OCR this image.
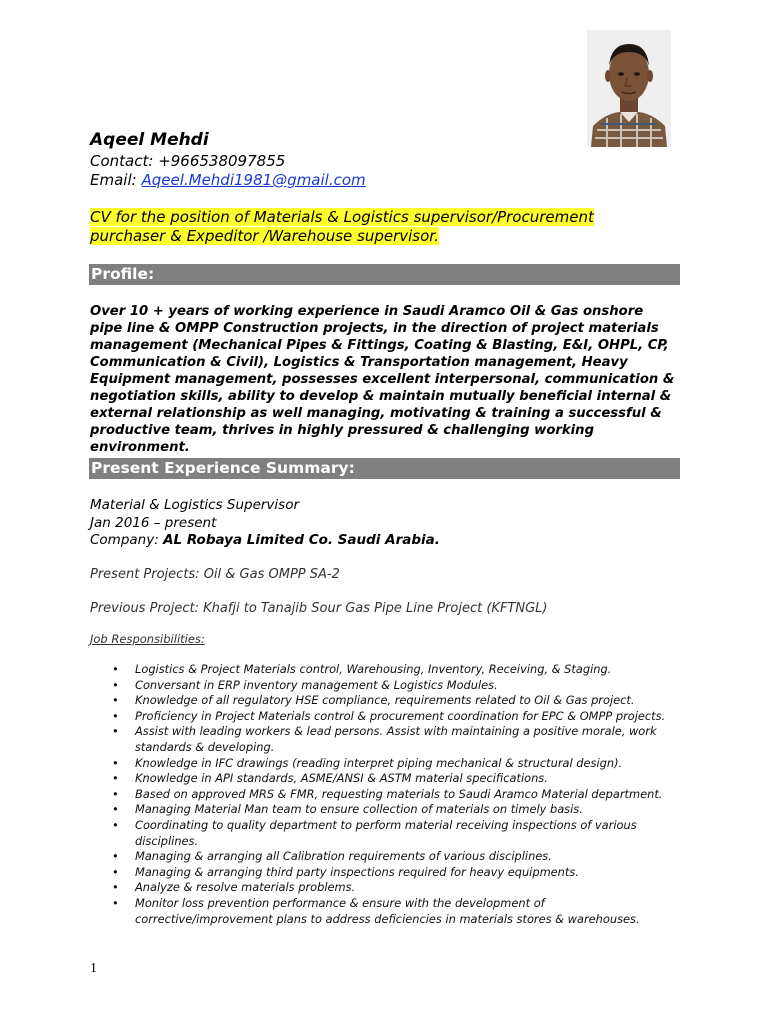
Aqeel Mehdi
Contact: +966538097855
Email: Aqeel.Mehdi1981@gmail.com
CV for the position of Materials & Logistics supervisor/Procurement
purchaser & Expeditor /Warehouse supervisor.
Profile:
Over 10 + years of working experience in Saudi Aramco Oil & Gas onshore pipe line & OMPP Construction projects, in the direction of project materials management (Mechanical Pipes & Fittings, Coating & Blasting, E&I, OHPL, CP, Communication & Civil), Logistics & Transportation management, Heavy Equipment management, possesses excellent interpersonal, communication & negotiation skills, ability to develop & maintain mutually beneficial internal & external relationship as well managing, motivating & training a successful & productive team, thrives in highly pressured & challenging working environment.
Present Experience Summary:
Material & Logistics Supervisor
Jan 2016 – present
Company: AL Robaya Limited Co. Saudi Arabia.
Present Projects: Oil & Gas OMPP SA-2
Previous Project: Khafji to Tanajib Sour Gas Pipe Line Project (KFTNGL)
Job Responsibilities:
• Logistics & Project Materials control, Warehousing, Inventory, Receiving, & Staging.
• Conversant in ERP inventory management & Logistics Modules.
• Knowledge of all regulatory HSE compliance, requirements related to Oil & Gas project.
• Proficiency in Project Materials control & procurement coordination for EPC & OMPP projects.
• Assist with leading workers & lead persons. Assist with maintaining a positive morale, work standards & developing.
• Knowledge in IFC drawings (reading interpret piping mechanical & structural design).
• Knowledge in API standards, ASME/ANSI & ASTM material specifications.
• Based on approved MRS & FMR, requesting materials to Saudi Aramco Material department.
• Managing Material Man team to ensure collection of materials on timely basis.
• Coordinating to quality department to perform material receiving inspections of various disciplines.
• Managing & arranging all Calibration requirements of various disciplines.
• Managing & arranging third party inspections required for heavy equipments.
• Analyze & resolve materials problems.
• Monitor loss prevention performance & ensure with the development of corrective/improvement plans to address deficiencies in materials stores & warehouses.
1
